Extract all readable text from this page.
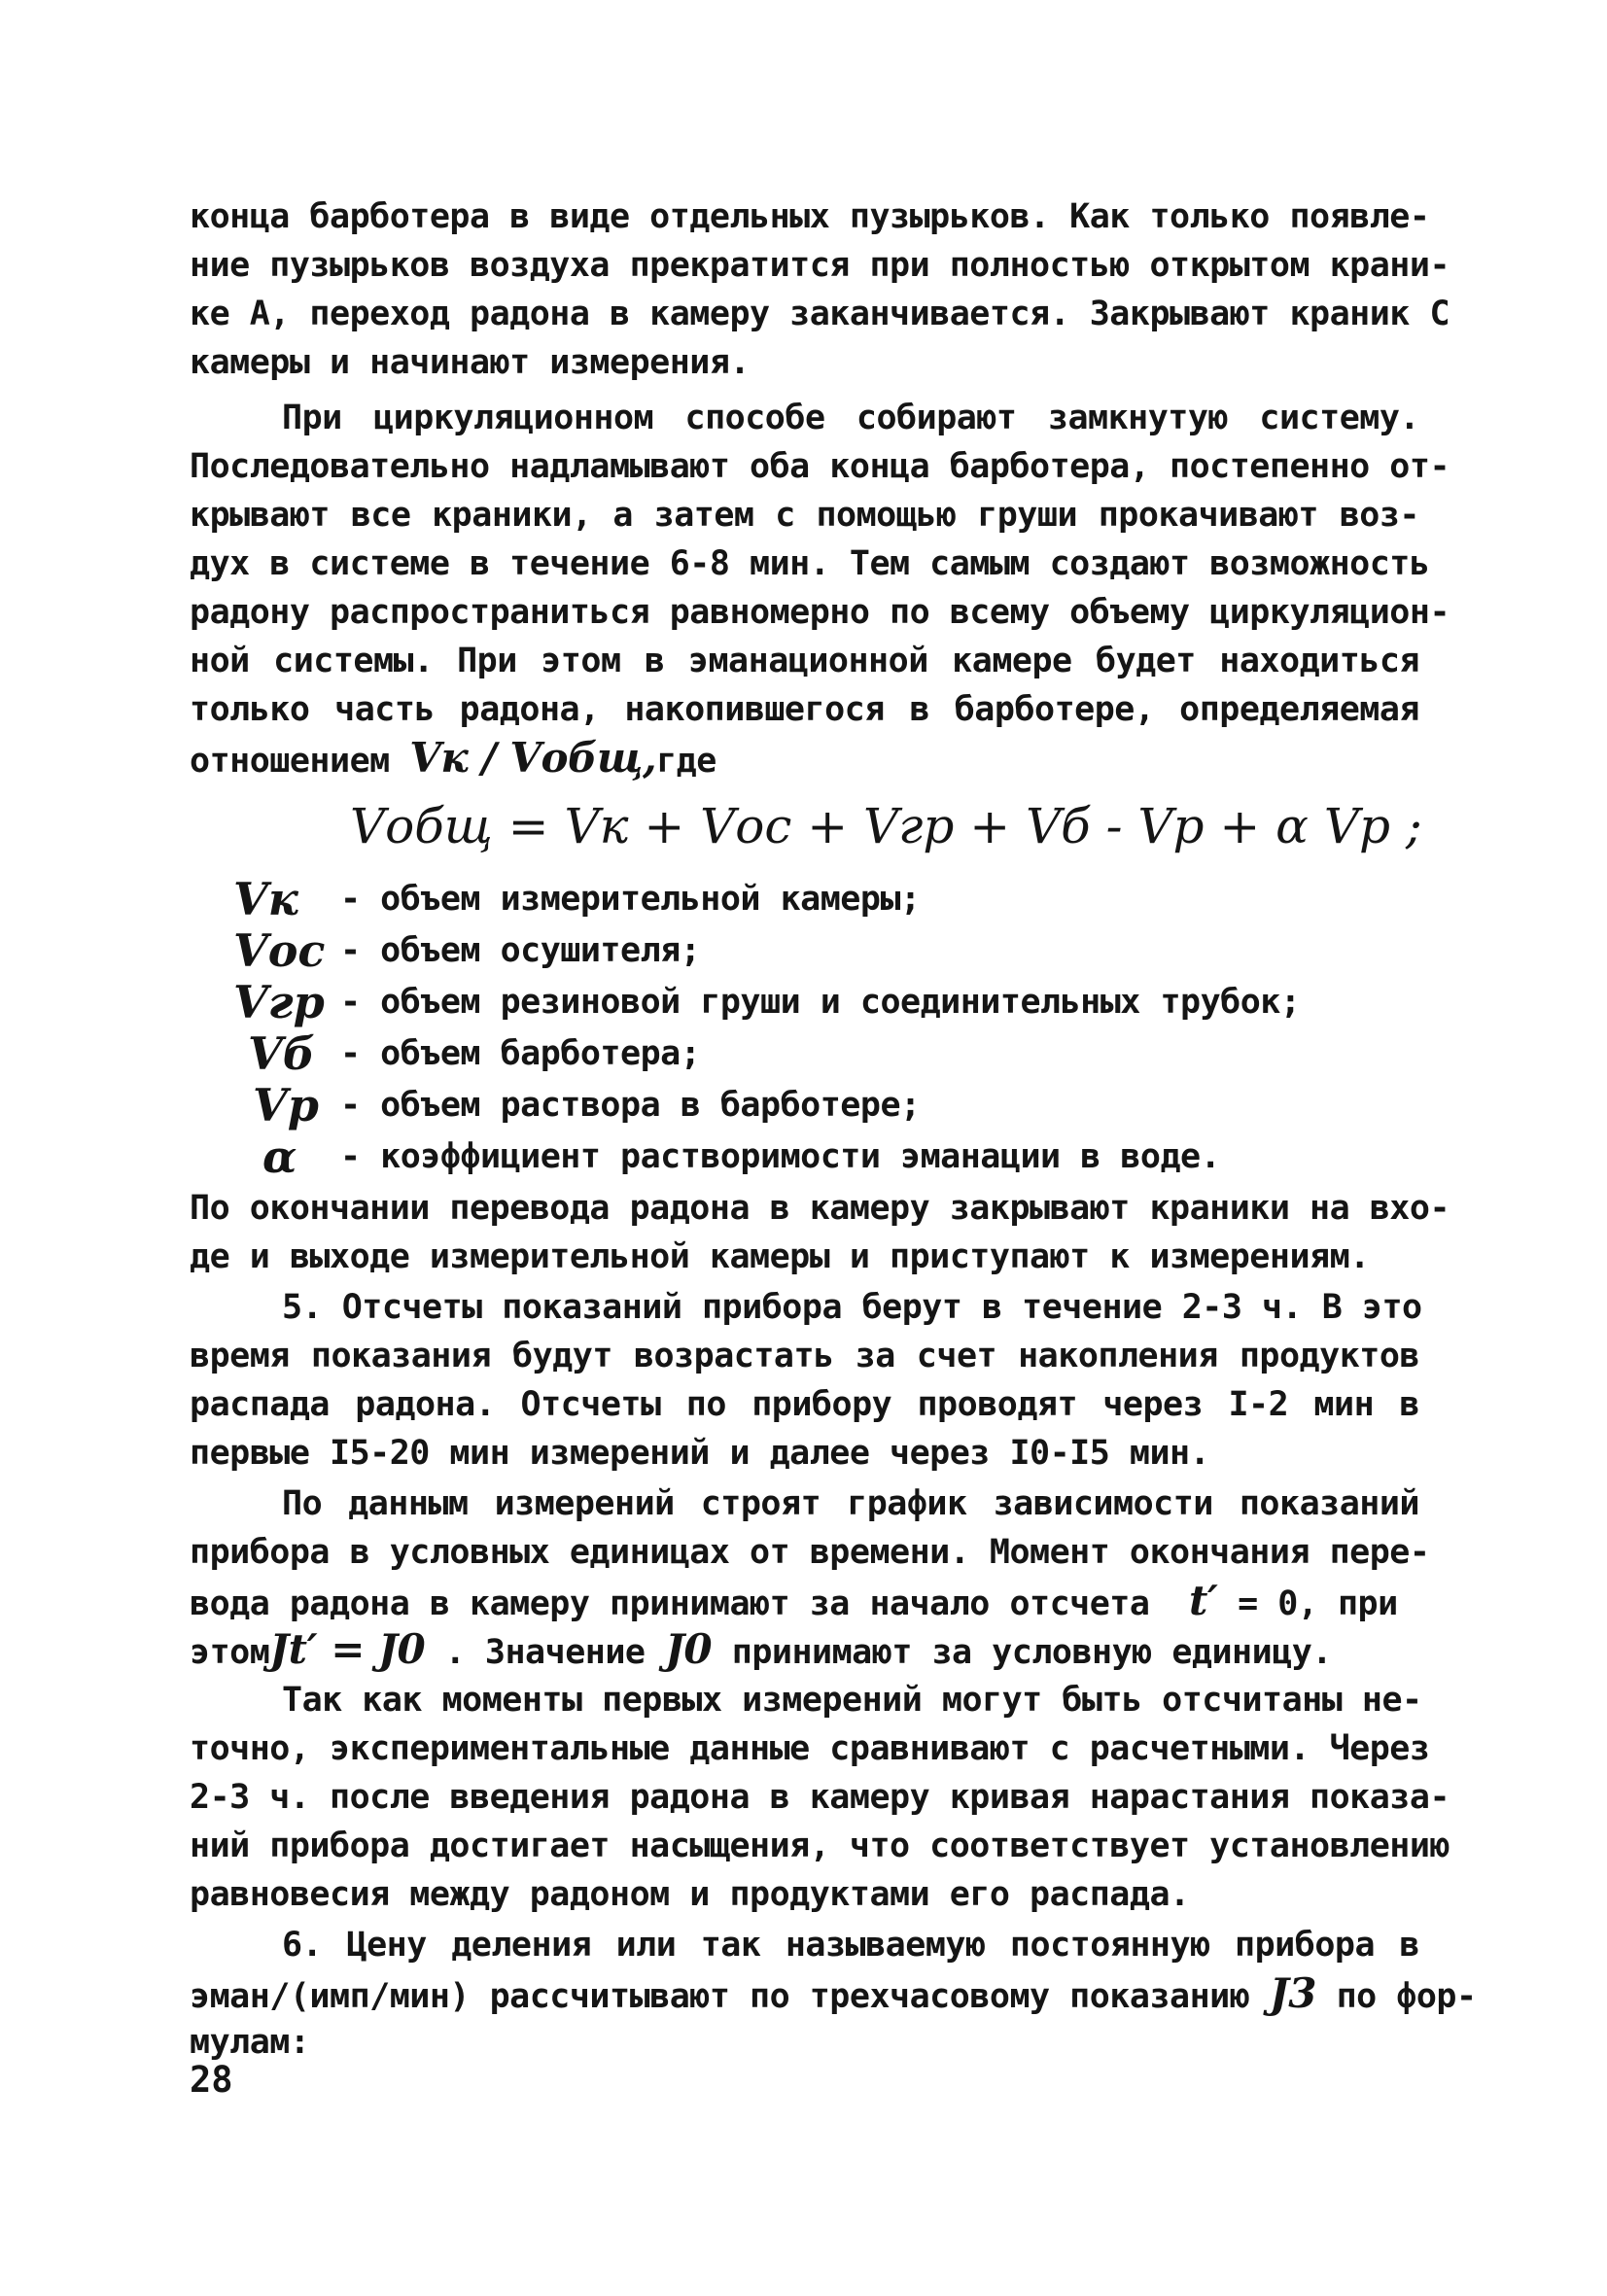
конца барботера в виде отдельных пузырьков. Как только появле-
ние пузырьков воздуха прекратится при полностью открытом крани-
ке А, переход радона в камеру заканчивается. Закрывают краник С
камеры и начинают измерения.
При циркуляционном способе собирают замкнутую систему.
Последовательно надламывают оба конца барботера, постепенно от-
крывают все краники, а затем с помощью груши прокачивают воз-
дух в системе в течение 6-8 мин. Тем самым создают возможность
радону распространиться равномерно по всему объему циркуляцион-
ной системы. При этом в эманационной камере будет находиться
только часть радона, накопившегося в барботере, определяемая
отношением Vк / Vобщ,где
Vобщ = Vк + Vос + Vгр + Vб - Vр + α Vр ;
Vк - объем измерительной камеры;
Vос - объем осушителя;
Vгр - объем резиновой груши и соединительных трубок;
Vб - объем барботера;
Vр - объем раствора в барботере;
α - коэффициент растворимости эманации в воде.
По окончании перевода радона в камеру закрывают краники на вхо-
де и выходе измерительной камеры и приступают к измерениям.
5. Отсчеты показаний прибора берут в течение 2-3 ч. В это
время показания будут возрастать за счет накопления продуктов
распада радона. Отсчеты по прибору проводят через I-2 мин в
первые I5-20 мин измерений и далее через I0-I5 мин.
По данным измерений строят график зависимости показаний
прибора в условных единицах от времени. Момент окончания пере-
вода радона в камеру принимают за начало отсчета t′ = 0, при
этомJt′ = J0 . Значение J0 принимают за условную единицу.
Так как моменты первых измерений могут быть отсчитаны не-
точно, экспериментальные данные сравнивают с расчетными. Через
2-3 ч. после введения радона в камеру кривая нарастания показа-
ний прибора достигает насыщения, что соответствует установлению
равновесия между радоном и продуктами его распада.
6. Цену деления или так называемую постоянную прибора в
эман/(имп/мин) рассчитывают по трехчасовому показанию J3 по фор-
мулам:
28
